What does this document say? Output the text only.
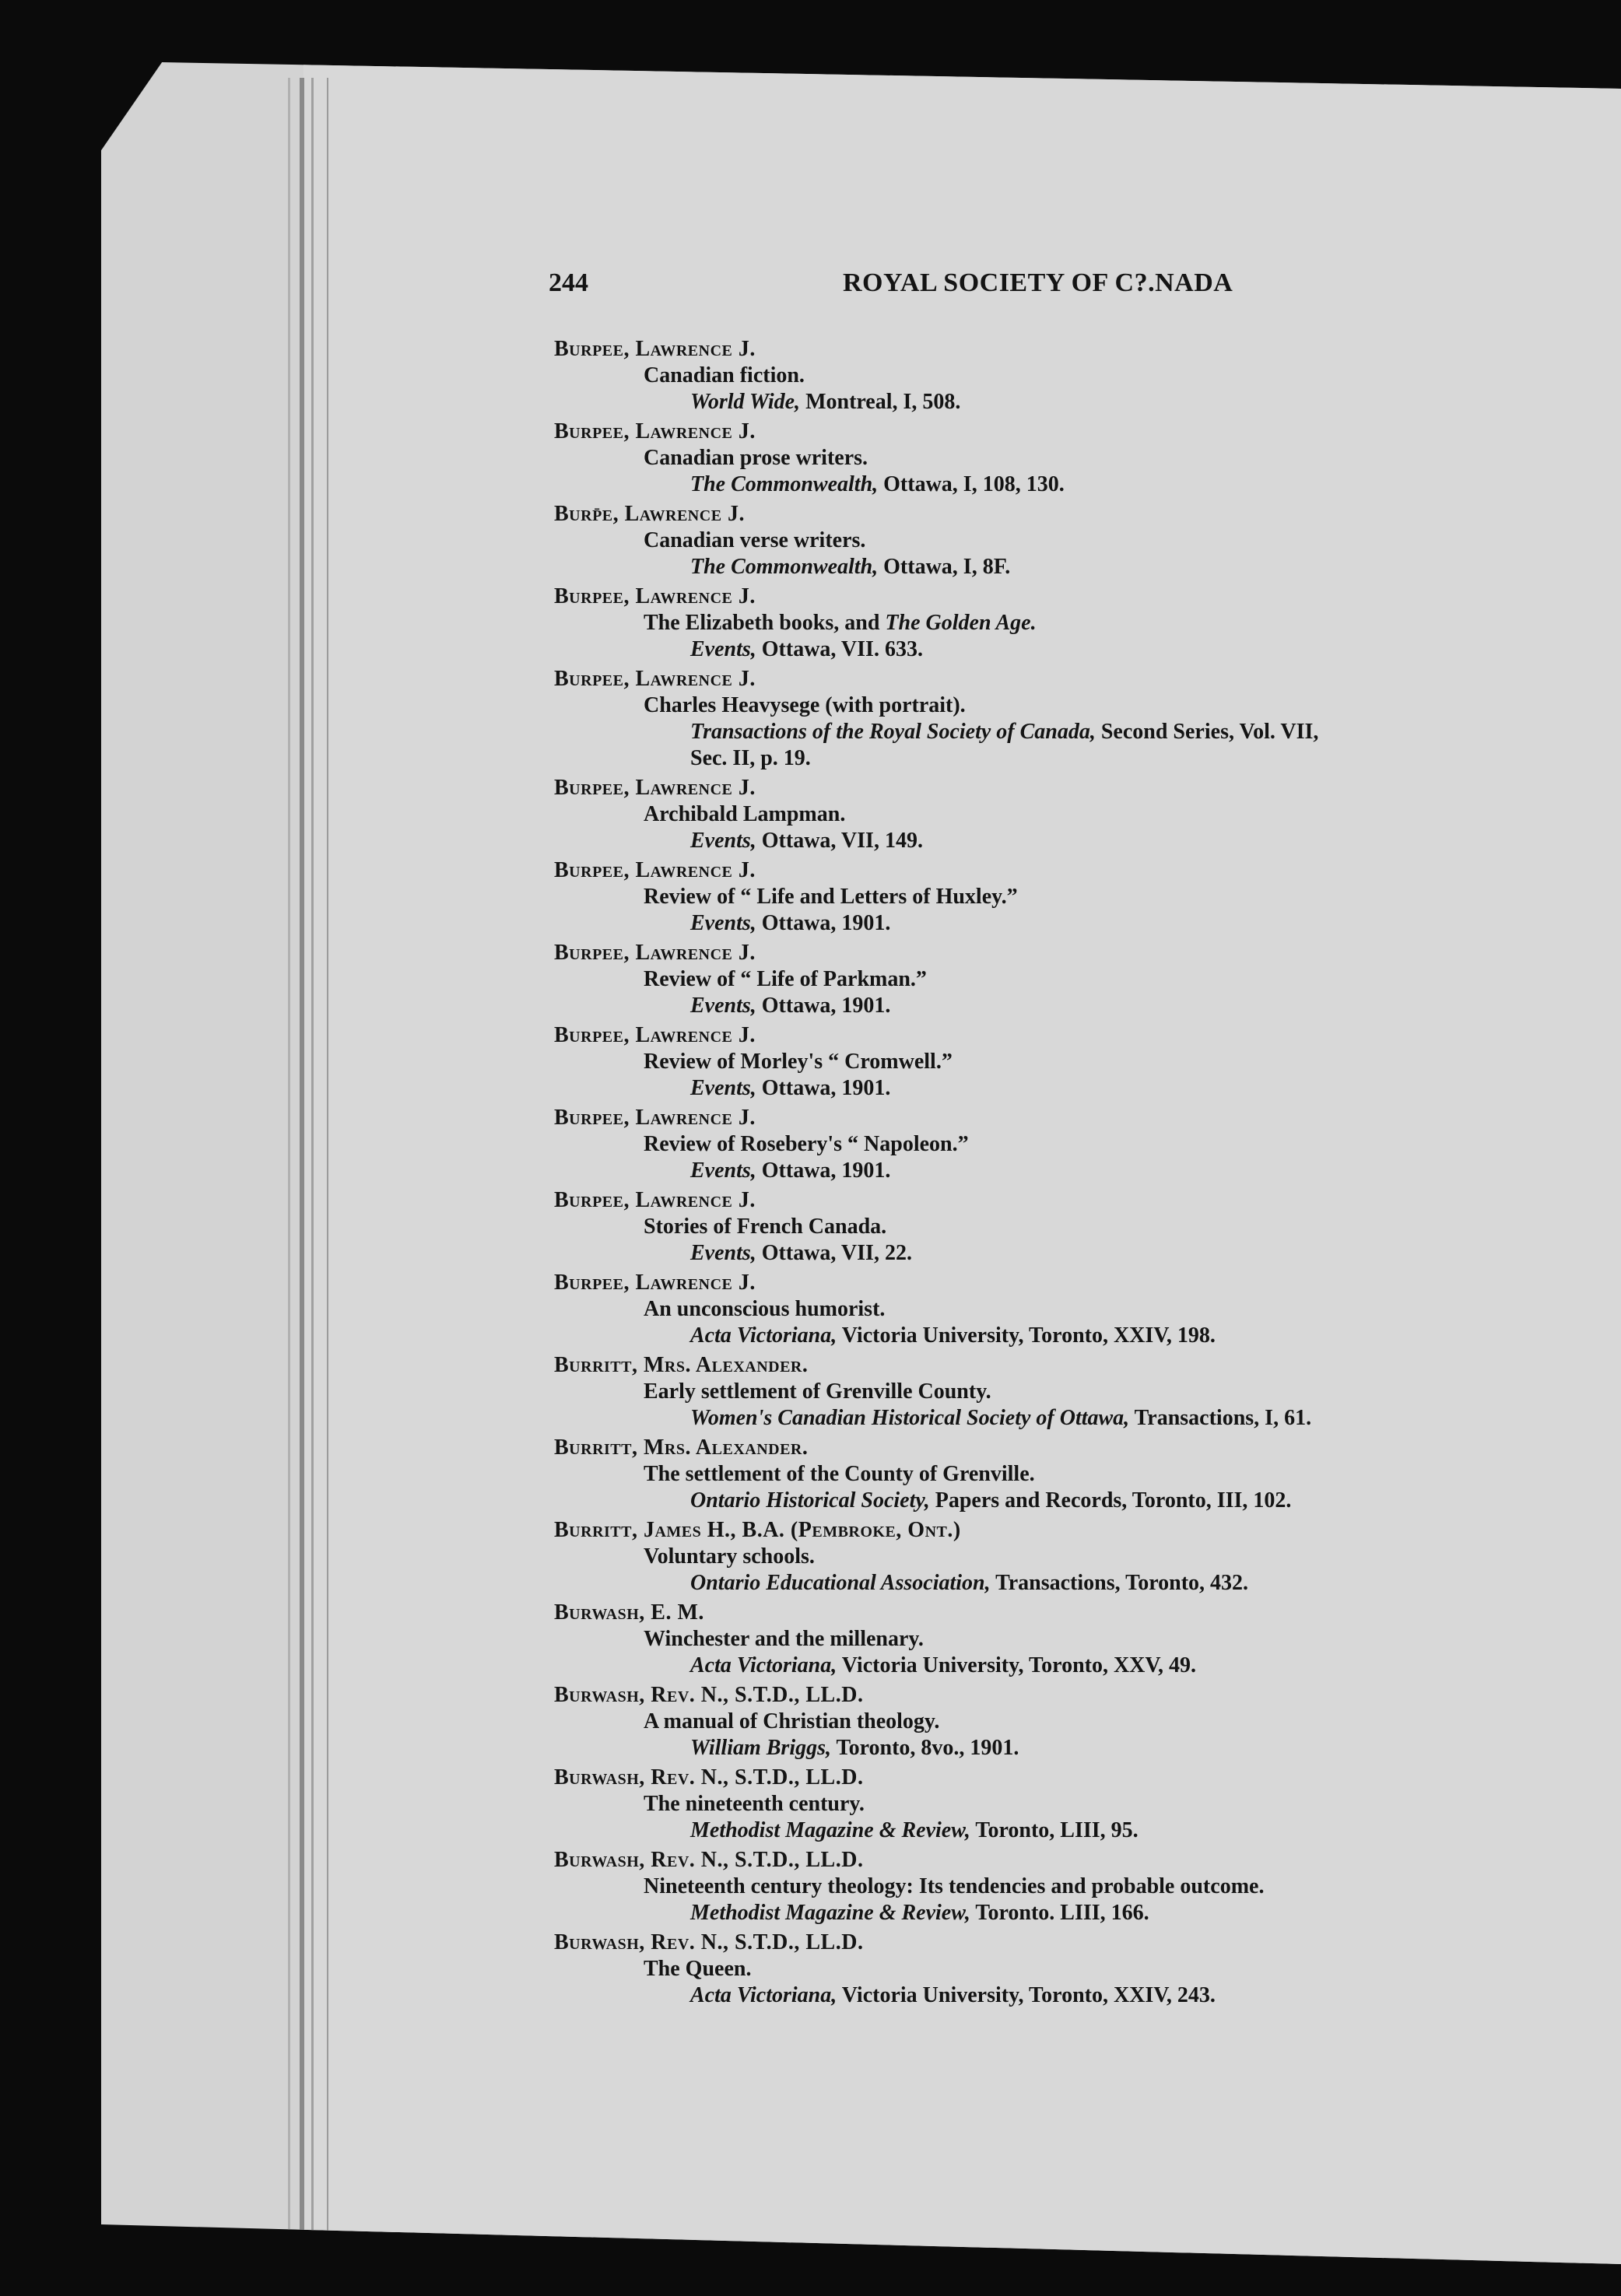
244	ROYAL SOCIETY OF C?.NADA
Burpee, Lawrence J.
Canadian fiction.
World Wide, Montreal, I, 508.
Burpee, Lawrence J.
Canadian prose writers.
The Commonwealth, Ottawa, I, 108, 130.
Burp̄e, Lawrence J.
Canadian verse writers.
The Commonwealth, Ottawa, I, 8F.
Burpee, Lawrence J.
The Elizabeth books, and The Golden Age.
Events, Ottawa, VII. 633.
Burpee, Lawrence J.
Charles Heavysege (with portrait).
Transactions of the Royal Society of Canada, Second Series, Vol. VII,
Sec. II, p. 19.
Burpee, Lawrence J.
Archibald Lampman.
Events, Ottawa, VII, 149.
Burpee, Lawrence J.
Review of “ Life and Letters of Huxley.”
Events, Ottawa, 1901.
Burpee, Lawrence J.
Review of “ Life of Parkman.”
Events, Ottawa, 1901.
Burpee, Lawrence J.
Review of Morley's “ Cromwell.”
Events, Ottawa, 1901.
Burpee, Lawrence J.
Review of Rosebery's “ Napoleon.”
Events, Ottawa, 1901.
Burpee, Lawrence J.
Stories of French Canada.
Events, Ottawa, VII, 22.
Burpee, Lawrence J.
An unconscious humorist.
Acta Victoriana, Victoria University, Toronto, XXIV, 198.
Burritt, Mrs. Alexander.
Early settlement of Grenville County.
Women's Canadian Historical Society of Ottawa, Transactions, I, 61.
Burritt, Mrs. Alexander.
The settlement of the County of Grenville.
Ontario Historical Society, Papers and Records, Toronto, III, 102.
Burritt, James H., B.A. (Pembroke, Ont.)
Voluntary schools.
Ontario Educational Association, Transactions, Toronto, 432.
Burwash, E. M.
Winchester and the millenary.
Acta Victoriana, Victoria University, Toronto, XXV, 49.
Burwash, Rev. N., S.T.D., LL.D.
A manual of Christian theology.
William Briggs, Toronto, 8vo., 1901.
Burwash, Rev. N., S.T.D., LL.D.
The nineteenth century.
Methodist Magazine & Review, Toronto, LIII, 95.
Burwash, Rev. N., S.T.D., LL.D.
Nineteenth century theology: Its tendencies and probable outcome.
Methodist Magazine & Review, Toronto. LIII, 166.
Burwash, Rev. N., S.T.D., LL.D.
The Queen.
Acta Victoriana, Victoria University, Toronto, XXIV, 243.
